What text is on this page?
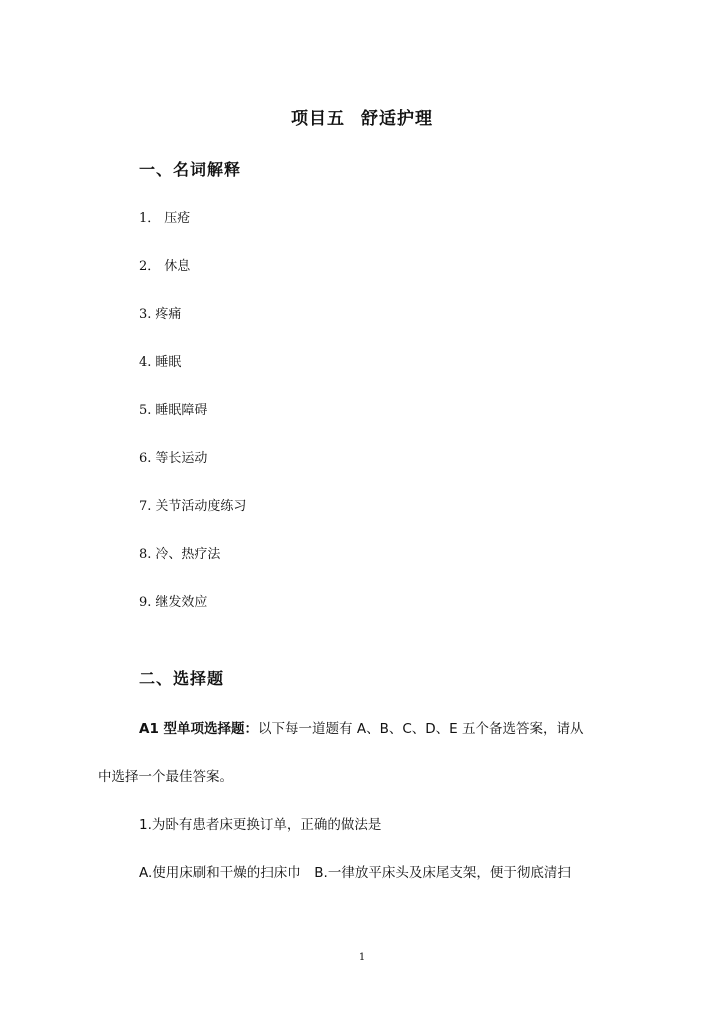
项目五 舒适护理
一、名词解释
1． 压疮
2． 休息
3. 疼痛
4. 睡眠
5. 睡眠障碍
6. 等长运动
7. 关节活动度练习
8. 冷、热疗法
9. 继发效应
二、选择题
A1 型单项选择题：以下每一道题有 A、B、C、D、E 五个备选答案，请从
中选择一个最佳答案。
1.为卧有患者床更换订单，正确的做法是
A.使用床刷和干燥的扫床巾　B.一律放平床头及床尾支架，便于彻底清扫
1
